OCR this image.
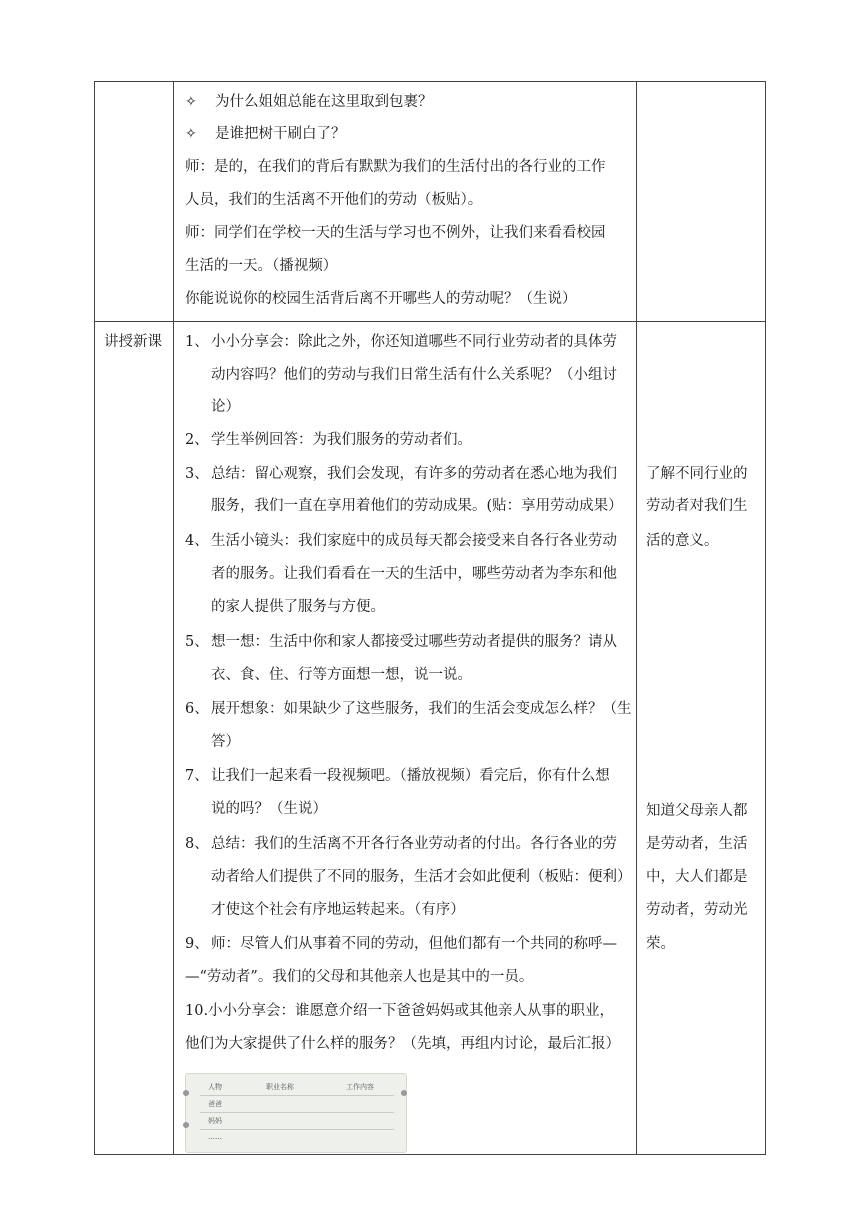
✧ 为什么姐姐总能在这里取到包裹？
✧ 是谁把树干刷白了？
师：是的，在我们的背后有默默为我们的生活付出的各行业的工作
人员，我们的生活离不开他们的劳动（板贴）。
师：同学们在学校一天的生活与学习也不例外，让我们来看看校园
生活的一天。（播视频）
你能说说你的校园生活背后离不开哪些人的劳动呢？（生说）
讲授新课 1、 小小分享会：除此之外，你还知道哪些不同行业劳动者的具体劳
动内容吗？他们的劳动与我们日常生活有什么关系呢？（小组讨
论）
2、 学生举例回答：为我们服务的劳动者们。
3、 总结：留心观察，我们会发现，有许多的劳动者在悉心地为我们
服务，我们一直在享用着他们的劳动成果。(贴：享用劳动成果）
4、 生活小镜头：我们家庭中的成员每天都会接受来自各行各业劳动
者的服务。让我们看看在一天的生活中，哪些劳动者为李东和他
的家人提供了服务与方便。
5、 想一想：生活中你和家人都接受过哪些劳动者提供的服务？请从
衣、食、住、行等方面想一想，说一说。
6、 展开想象：如果缺少了这些服务，我们的生活会变成怎么样？（生
答）
7、 让我们一起来看一段视频吧。（播放视频）看完后，你有什么想
说的吗？（生说）
8、 总结：我们的生活离不开各行各业劳动者的付出。各行各业的劳
动者给人们提供了不同的服务，生活才会如此便利（板贴：便利）
才使这个社会有序地运转起来。（有序）
9、 师：尽管人们从事着不同的劳动，但他们都有一个共同的称呼—
—“劳动者”。我们的父母和其他亲人也是其中的一员。
10.小小分享会：谁愿意介绍一下爸爸妈妈或其他亲人从事的职业，
他们为大家提供了什么样的服务？（先填，再组内讨论，最后汇报）
人物	职业名称	工作内容
爸爸
妈妈
……
了解不同行业的
劳动者对我们生
活的意义。
知道父母亲人都
是劳动者，生活
中，大人们都是
劳动者，劳动光
荣。
